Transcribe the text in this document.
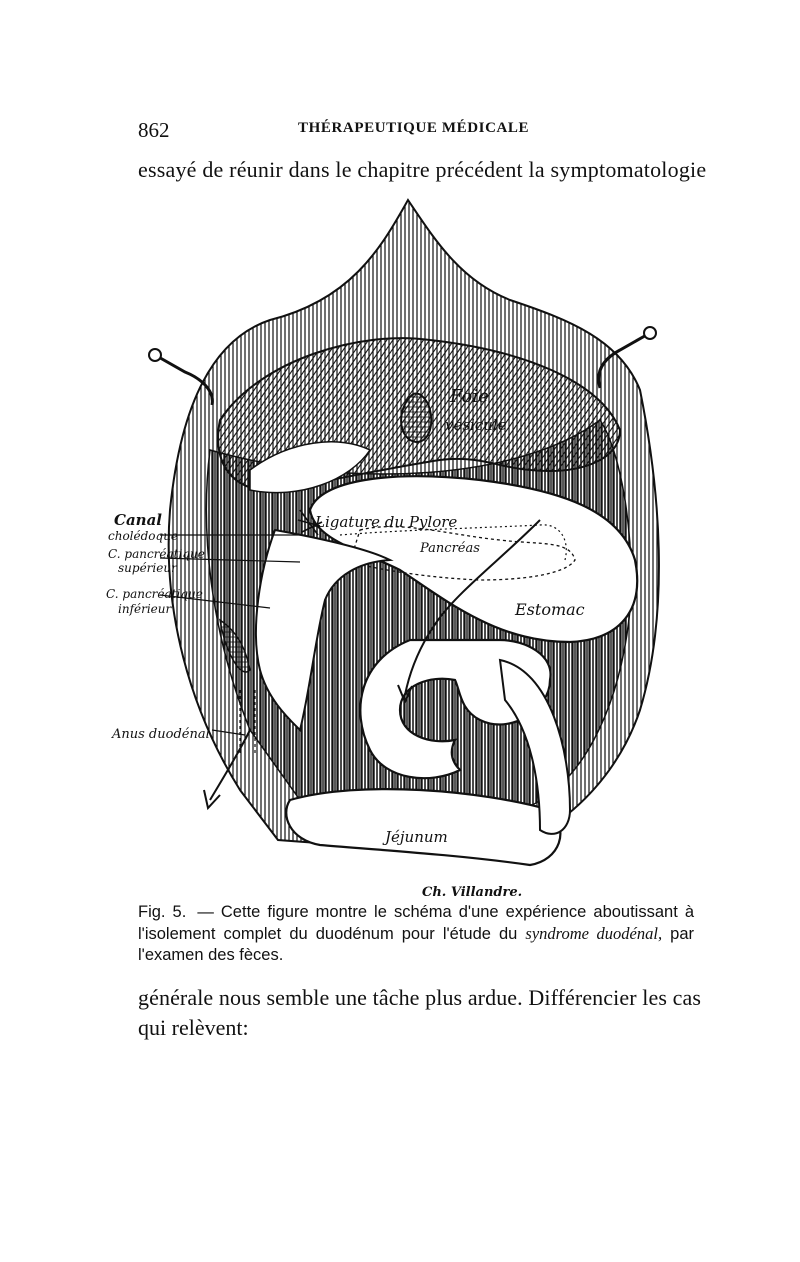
862	THÉRAPEUTIQUE MÉDICALE
essayé de réunir dans le chapitre précédent la symptomatologie
Foie
vésicule
Canal
cholédoque
C. pancréatique
supérieur
C. pancréatique
inférieur
Ligature du Pylore
Pancréas
Estomac
Anus duodénal
Jéjunum
Ch. Villandre.
Fig. 5. — Cette figure montre le schéma d'une expérience aboutissant à l'isolement complet du duodénum pour l'étude du syndrome duodénal, par l'examen des fèces.
générale nous semble une tâche plus ardue. Différencier les cas
qui relèvent:
